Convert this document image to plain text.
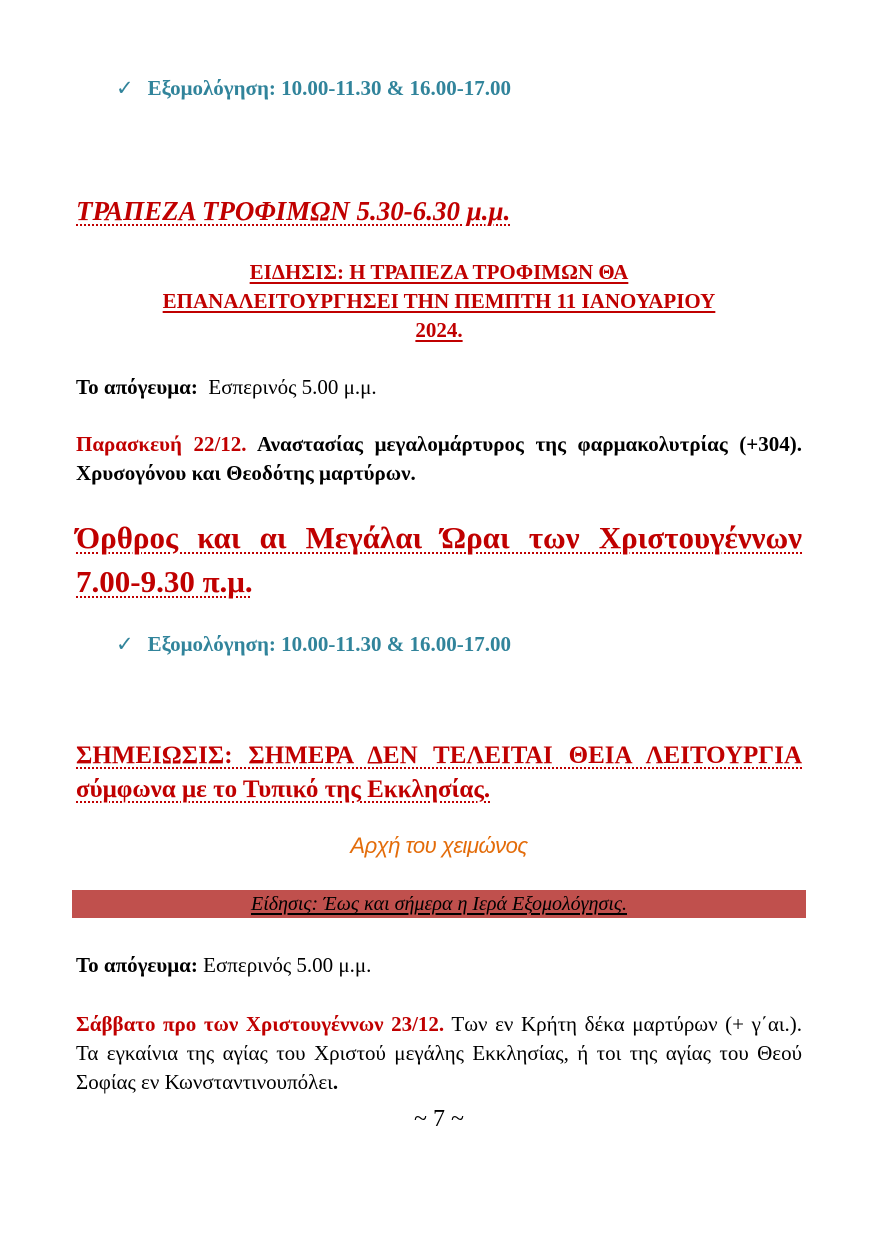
✓ Εξομολόγηση: 10.00-11.30 & 16.00-17.00
ΤΡΑΠΕΖΑ ΤΡΟΦΙΜΩΝ 5.30-6.30 μ.μ.
ΕΙΔΗΣΙΣ: Η ΤΡΑΠΕΖΑ ΤΡΟΦΙΜΩΝ ΘΑ
ΕΠΑΝΑΛΕΙΤΟΥΡΓΗΣΕΙ ΤΗΝ ΠΕΜΠΤΗ 11 ΙΑΝΟΥΑΡΙΟΥ
2024.
Το απόγευμα: Εσπερινός 5.00 μ.μ.
Παρασκευή 22/12. Αναστασίας μεγαλομάρτυρος της φαρμακολυτρίας (+304). Χρυσογόνου και Θεοδότης μαρτύρων.
Όρθρος και αι Μεγάλαι Ώραι των Χριστουγέννων 7.00-9.30 π.μ.
✓ Εξομολόγηση: 10.00-11.30 & 16.00-17.00
ΣΗΜΕΙΩΣΙΣ: ΣΗΜΕΡΑ ΔΕΝ ΤΕΛΕΙΤΑΙ ΘΕΙΑ ΛΕΙΤΟΥΡΓΙΑ σύμφωνα με το Τυπικό της Εκκλησίας.
Αρχή του χειμώνος
Είδησις: Έως και σήμερα η Ιερά Εξομολόγησις.
Το απόγευμα: Εσπερινός 5.00 μ.μ.
Σάββατο προ των Χριστουγέννων 23/12. Των εν Κρήτη δέκα μαρτύρων (+ γ΄αι.). Τα εγκαίνια της αγίας του Χριστού μεγάλης Εκκλησίας, ή τοι της αγίας του Θεού Σοφίας εν Κωνσταντινουπόλει.
~ 7 ~
